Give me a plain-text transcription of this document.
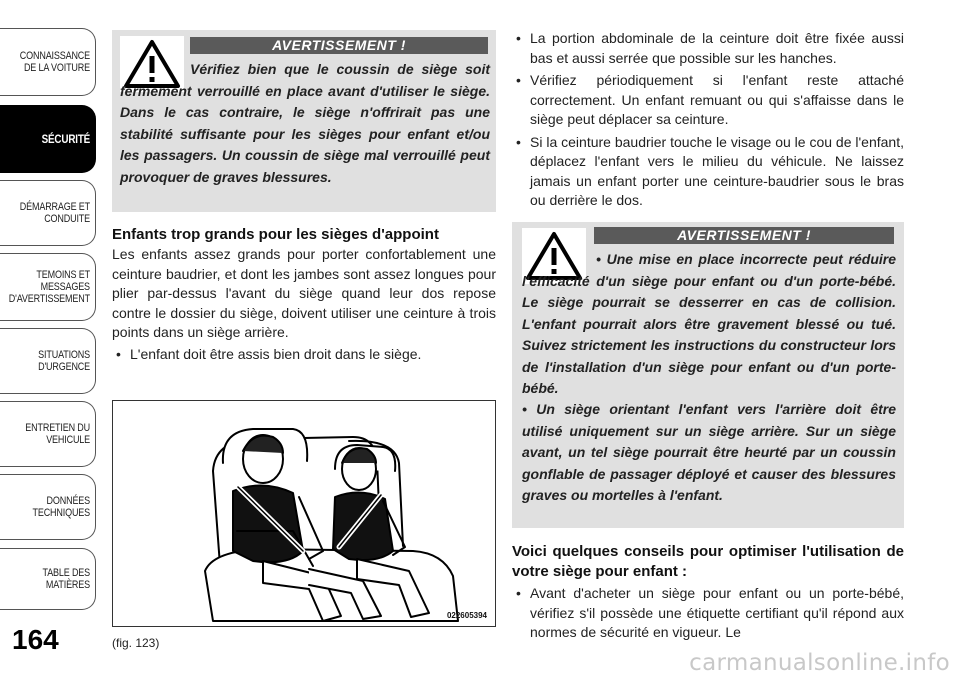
CONNAISSANCE DE LA VOITURE
SÉCURITÉ
DÉMARRAGE ET CONDUITE
TEMOINS ET MESSAGES D'AVERTISSEMENT
SITUATIONS D'URGENCE
ENTRETIEN DU VEHICULE
DONNÉES TECHNIQUES
TABLE DES MATIÈRES
164	(fig. 123)
AVERTISSEMENT !
Vérifiez bien que le coussin de siège soit fermement verrouillé en place avant d'utiliser le siège. Dans le cas contraire, le siège n'offrirait pas une stabilité suffisante pour les sièges pour enfant et/ou les passagers. Un coussin de siège mal verrouillé peut provoquer de graves blessures.
Enfants trop grands pour les sièges d'appoint
Les enfants assez grands pour porter confortablement une ceinture baudrier, et dont les jambes sont assez longues pour plier par-dessus l'avant du siège quand leur dos repose contre le dossier du siège, doivent utiliser une ceinture à trois points dans un siège arrière.
• L'enfant doit être assis bien droit dans le siège.
022605394
• La portion abdominale de la ceinture doit être fixée aussi bas et aussi serrée que possible sur les hanches.
• Vérifiez périodiquement si l'enfant reste attaché correctement. Un enfant remuant ou qui s'affaisse dans le siège peut déplacer sa ceinture.
• Si la ceinture baudrier touche le visage ou le cou de l'enfant, déplacez l'enfant vers le milieu du véhicule. Ne laissez jamais un enfant porter une ceinture-baudrier sous le bras ou derrière le dos.
AVERTISSEMENT !
• Une mise en place incorrecte peut réduire l'efficacité d'un siège pour enfant ou d'un porte-bébé. Le siège pourrait se desserrer en cas de collision. L'enfant pourrait alors être gravement blessé ou tué. Suivez strictement les instructions du constructeur lors de l'installation d'un siège pour enfant ou d'un porte-bébé.
• Un siège orientant l'enfant vers l'arrière doit être utilisé uniquement sur un siège arrière. Sur un siège avant, un tel siège pourrait être heurté par un coussin gonflable de passager déployé et causer des blessures graves ou mortelles à l'enfant.
Voici quelques conseils pour optimiser l'utilisation de votre siège pour enfant :
• Avant d'acheter un siège pour enfant ou un porte-bébé, vérifiez s'il possède une étiquette certifiant qu'il répond aux normes de sécurité en vigueur. Le
carmanualsonline.info
